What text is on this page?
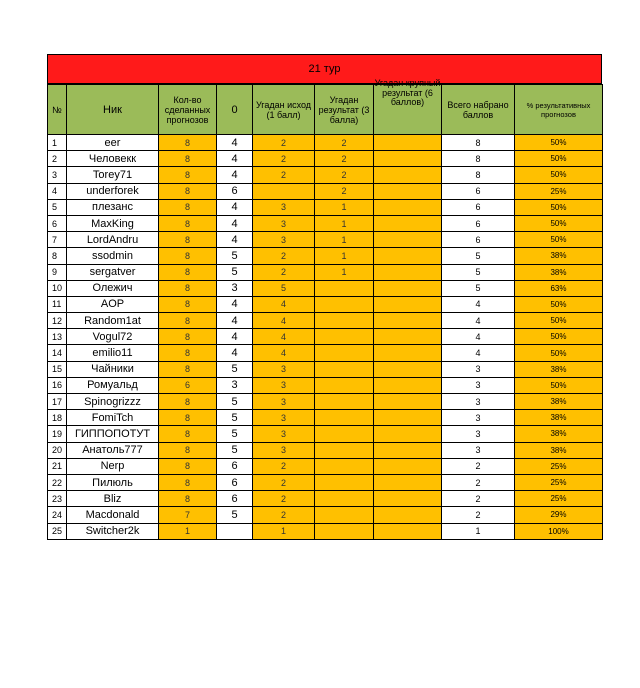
21 тур
№	Ник	Кол-во сделанных прогнозов	0	Угадан исход (1 балл)	Угадан результат (3 балла)	Угадан крупный результат (6 баллов)	Всего набрано баллов	% результативных прогнозов

1	eer	8	4	2	2		8	50%
2	Человекк	8	4	2	2		8	50%
3	Torey71	8	4	2	2		8	50%
4	underforek	8	6		2		6	25%
5	плезанс	8	4	3	1		6	50%
6	MaxKing	8	4	3	1		6	50%
7	LordAndru	8	4	3	1		6	50%
8	ssodmin	8	5	2	1		5	38%
9	sergatver	8	5	2	1		5	38%
10	Олежич	8	3	5			5	63%
11	AOP	8	4	4			4	50%
12	Random1at	8	4	4			4	50%
13	Vogul72	8	4	4			4	50%
14	emilio11	8	4	4			4	50%
15	Чайники	8	5	3			3	38%
16	Ромуальд	6	3	3			3	50%
17	Spinogrizzz	8	5	3			3	38%
18	FomiTch	8	5	3			3	38%
19	ГИППОПОТУТ	8	5	3			3	38%
20	Анатоль777	8	5	3			3	38%
21	Nerp	8	6	2			2	25%
22	Пилюль	8	6	2			2	25%
23	Bliz	8	6	2			2	25%
24	Macdonald	7	5	2			2	29%
25	Switcher2k	1		1			1	100%
